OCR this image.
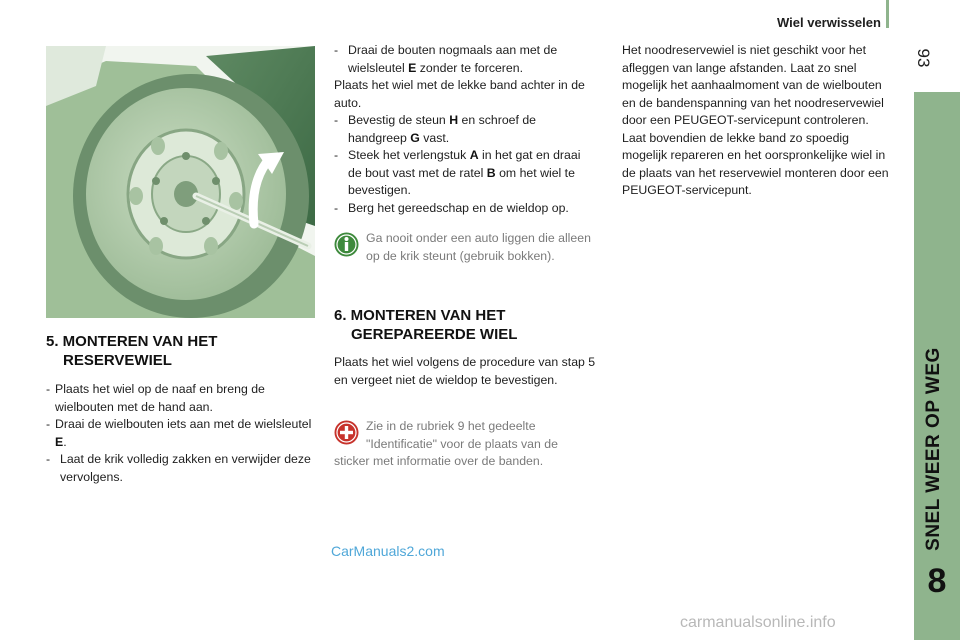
Wiel verwisselen
93
SNEL WEER OP WEG
8
5. MONTEREN VAN HET
RESERVEWIEL
- Plaats het wiel op de naaf en breng de wielbouten met de hand aan.
- Draai de wielbouten iets aan met de wielsleutel E.
- Laat de krik volledig zakken en verwijder deze vervolgens.
- Draai de bouten nogmaals aan met de wielsleutel E zonder te forceren.

Plaats het wiel met de lekke band achter in de auto.

- Bevestig de steun H en schroef de handgreep G vast.
- Steek het verlengstuk A in het gat en draai de bout vast met de ratel B om het wiel te bevestigen.
- Berg het gereedschap en de wieldop op.
Ga nooit onder een auto liggen die alleen op de krik steunt (gebruik bokken).
6. MONTEREN VAN HET
GEREPAREERDE WIEL

Plaats het wiel volgens de procedure van stap 5 en vergeet niet de wieldop te bevestigen.

Zie in de rubriek 9 het gedeelte "Identificatie" voor de plaats van de sticker met informatie over de banden.

Het noodreservewiel is niet geschikt voor het afleggen van lange afstanden. Laat zo snel mogelijk het aanhaalmoment van de wielbouten en de bandenspanning van het noodreservewiel door een PEUGEOT-servicepunt controleren. Laat bovendien de lekke band zo spoedig mogelijk repareren en het oorspronkelijke wiel in de plaats van het reservewiel monteren door een PEUGEOT-servicepunt.

CarManuals2.com
carmanualsonline.info
